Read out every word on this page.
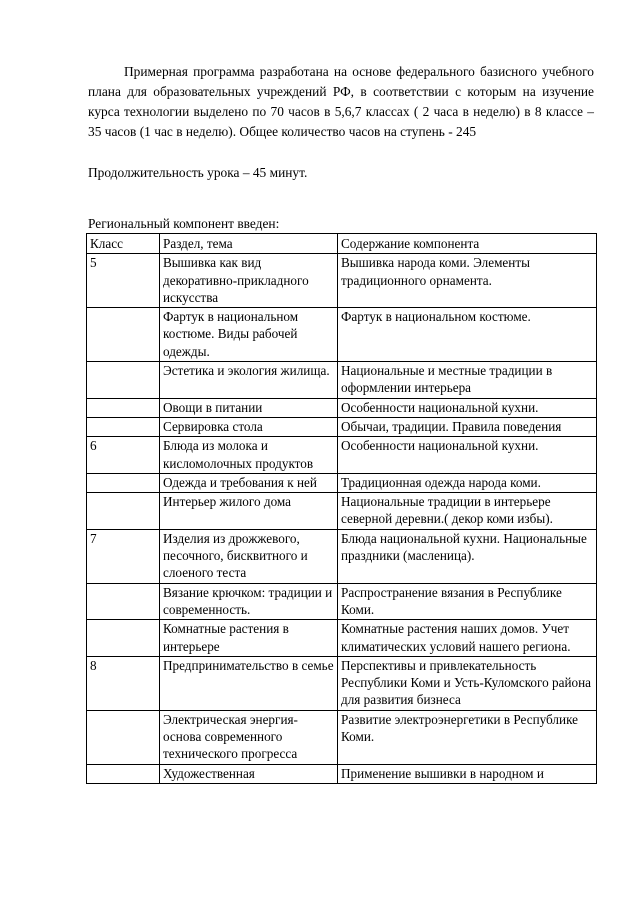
Примерная программа разработана на основе федерального базисного учебного плана для образовательных учреждений РФ, в соответствии с которым на изучение курса технологии выделено по 70 часов в 5,6,7 классах ( 2 часа в неделю) в 8 классе – 35 часов (1 час в неделю). Общее количество часов на ступень - 245

Продолжительность урока – 45 минут.

Региональный компонент введен:

Класс	Раздел, тема	Содержание компонента
5	Вышивка как вид декоративно-прикладного искусства	Вышивка народа коми. Элементы традиционного орнамента.
	Фартук в национальном костюме. Виды рабочей одежды.	Фартук в национальном костюме.
	Эстетика и экология жилища.	Национальные и местные традиции в оформлении интерьера
	Овощи в питании	Особенности национальной кухни.
	Сервировка стола	Обычаи, традиции. Правила поведения
6	Блюда из молока и кисломолочных продуктов	Особенности национальной кухни.
	Одежда и требования к ней	Традиционная одежда народа коми.
	Интерьер жилого дома	Национальные традиции в интерьере северной деревни.( декор коми избы).
7	Изделия из дрожжевого, песочного, бисквитного и слоеного теста	Блюда национальной кухни. Национальные праздники (масленица).
	Вязание крючком: традиции и современность.	Распространение вязания в Республике Коми.
	Комнатные растения в интерьере	Комнатные растения наших домов. Учет климатических условий нашего региона.
8	Предпринимательство в семье	Перспективы и привлекательность Республики Коми и Усть-Куломского района для развития бизнеса
	Электрическая энергия-основа современного технического прогресса	Развитие электроэнергетики в Республике Коми.
	Художественная	Применение вышивки в народном и
